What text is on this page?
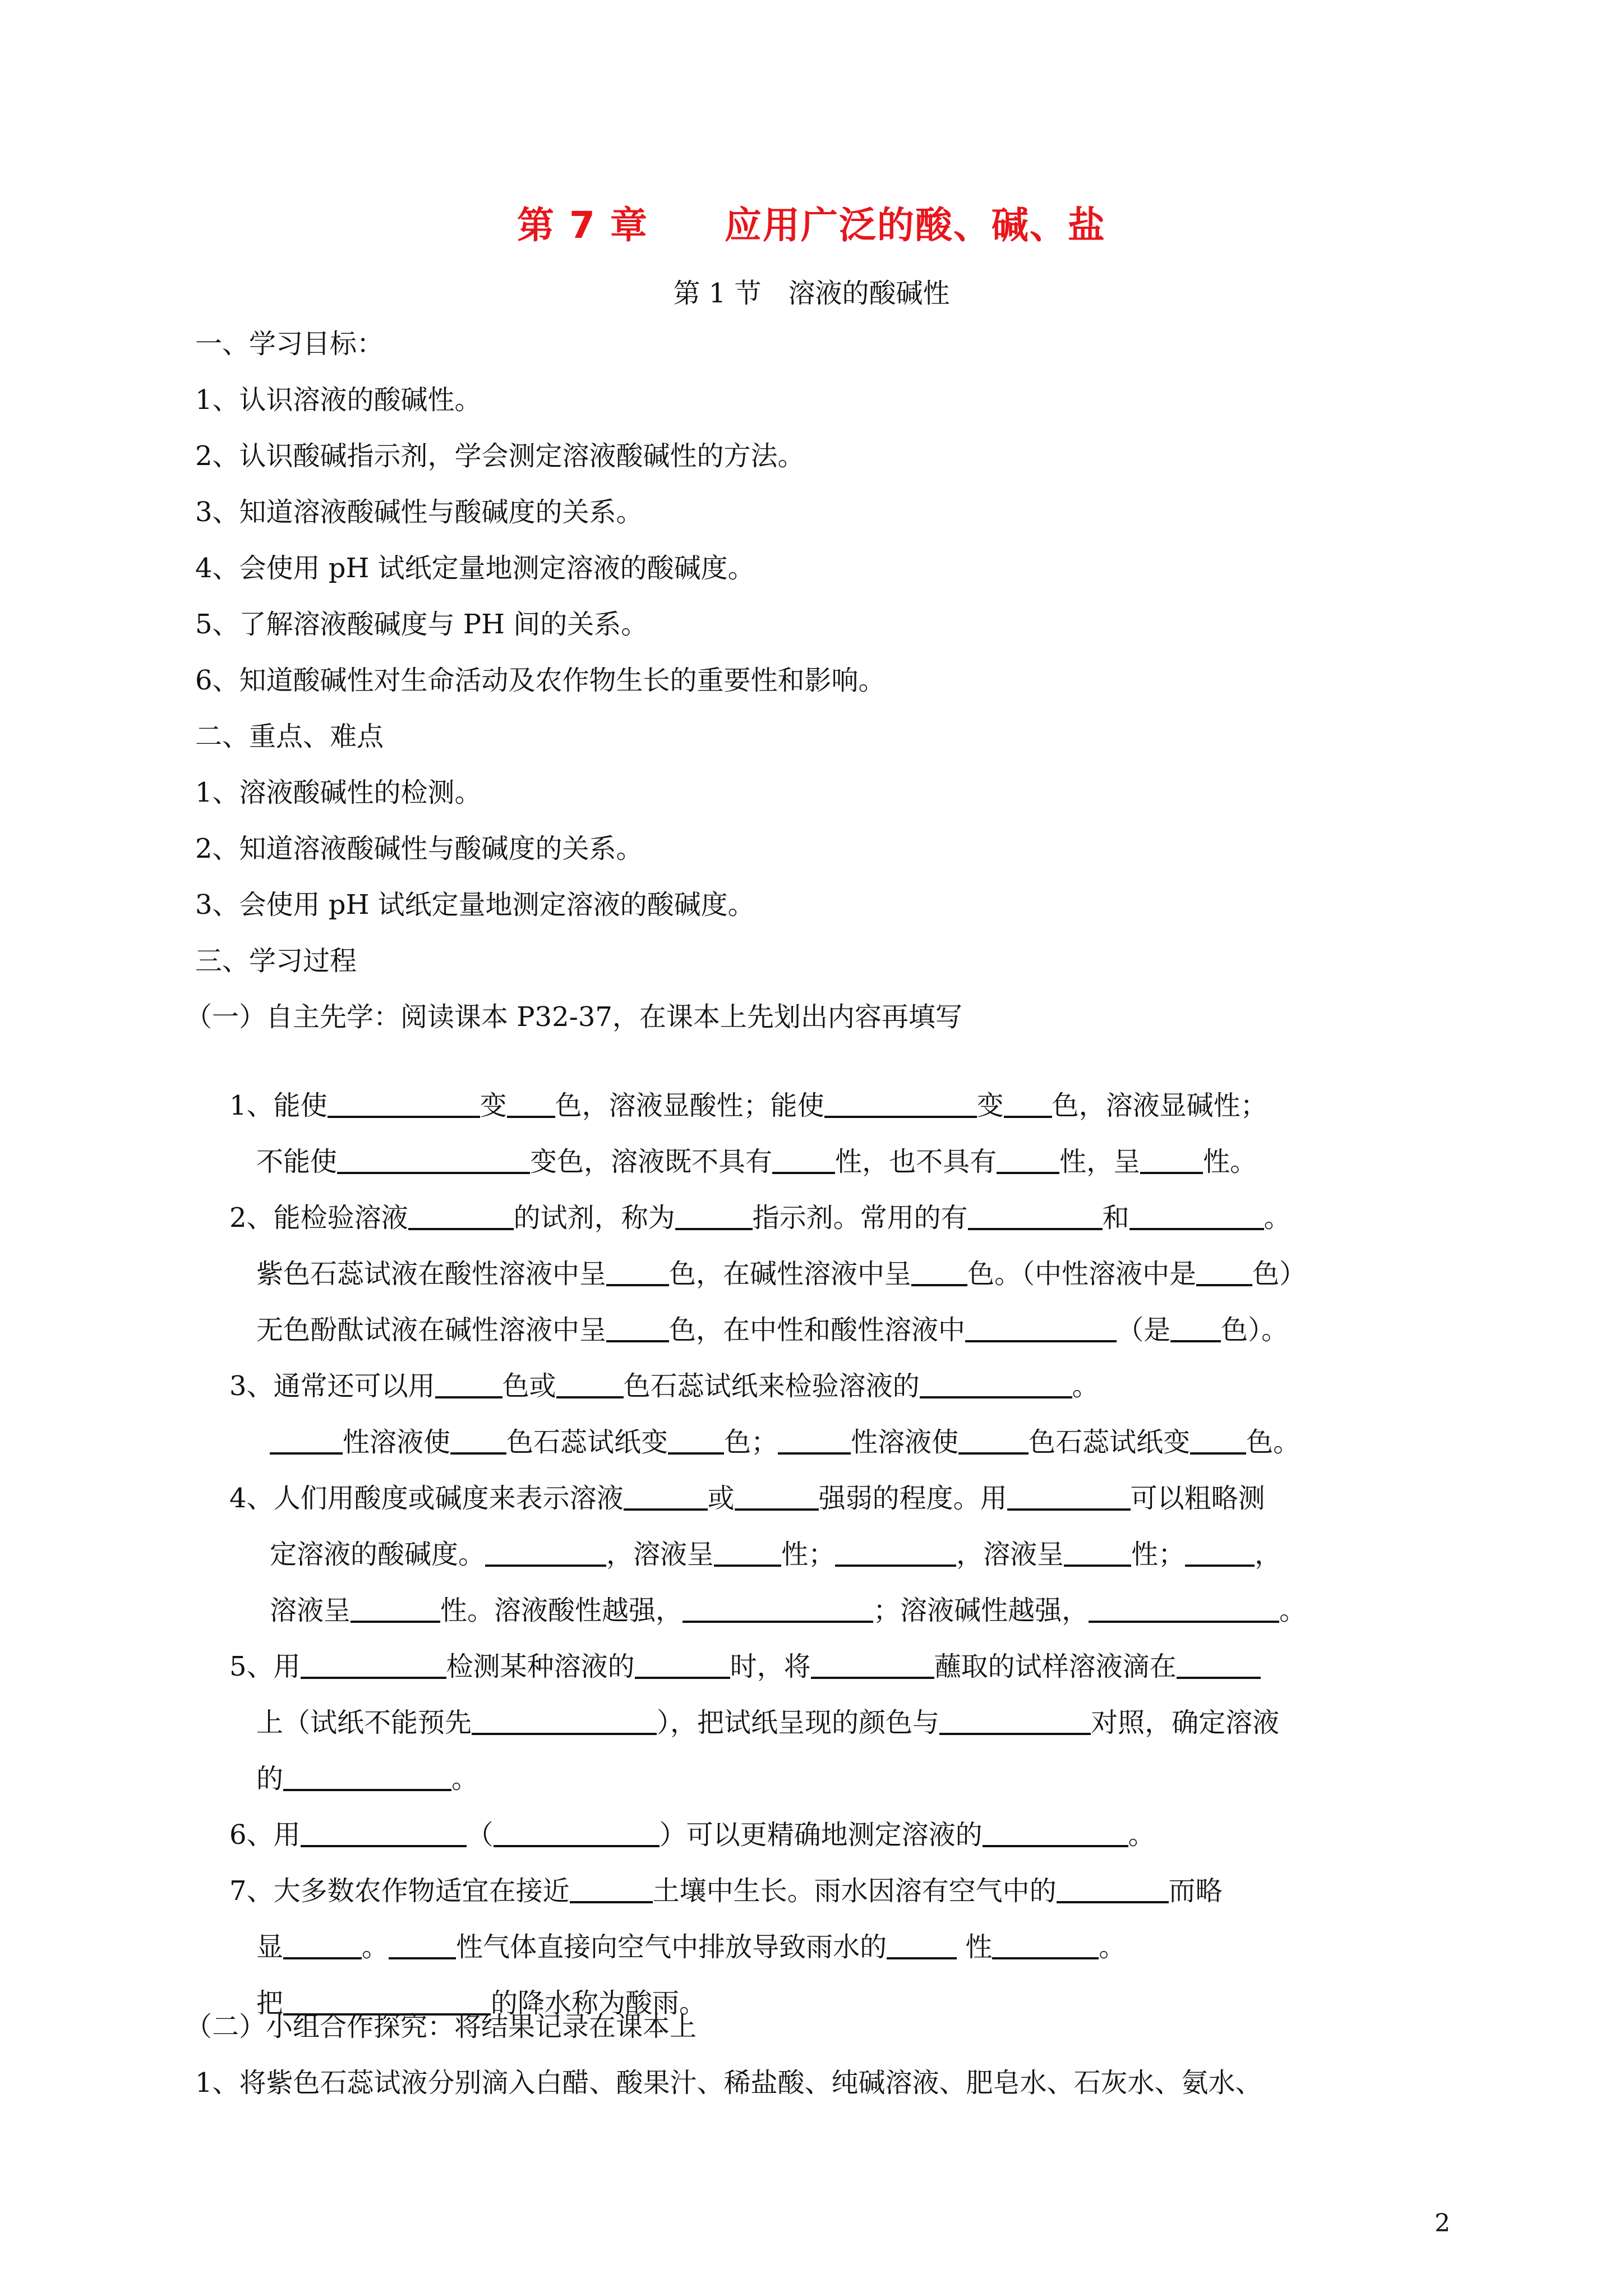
第 7 章　　应用广泛的酸、碱、盐
第 1 节　溶液的酸碱性
一、学习目标：
1、认识溶液的酸碱性。
2、认识酸碱指示剂，学会测定溶液酸碱性的方法。
3、知道溶液酸碱性与酸碱度的关系。
4、会使用 pH 试纸定量地测定溶液的酸碱度。
5、了解溶液酸碱度与 PH 间的关系。
6、知道酸碱性对生命活动及农作物生长的重要性和影响。
二、重点、难点
1、溶液酸碱性的检测。
2、知道溶液酸碱性与酸碱度的关系。
3、会使用 pH 试纸定量地测定溶液的酸碱度。
三、学习过程
（一）自主先学：阅读课本 P32-37，在课本上先划出内容再填写

1、能使	变 色，溶液显酸性；能使	变 色，溶液显碱性；

不能使	变色，溶液既不具有 性，也不具有 性，呈 性。

2、能检验溶液	的试剂，称为	指示剂。常用的有	和	。

紫色石蕊试液在酸性溶液中呈 色，在碱性溶液中呈 色。（中性溶液中是 色）

无色酚酞试液在碱性溶液中呈 色，在中性和酸性溶液中	（是 色）。

3、通常还可以用	色或	色石蕊试纸来检验溶液的	。

性溶液使 色石蕊试纸变 色；	性溶液使	色石蕊试纸变 色。

4、人们用酸度或碱度来表示溶液	或	强弱的程度。用	可以粗略测

定溶液的酸碱度。	，溶液呈	性；	，溶液呈	性；	，

溶液呈	性。溶液酸性越强，	；溶液碱性越强，	。

5、用	检测某种溶液的	时，将	蘸取的试样溶液滴在

上（试纸不能预先	），把试纸呈现的颜色与	对照，确定溶液

的	。

6、用	（	）可以更精确地测定溶液的	。

7、大多数农作物适宜在接近	土壤中生长。雨水因溶有空气中的	而略

显	。	性气体直接向空气中排放导致雨水的	性	。

把	的降水称为酸雨。

（二）小组合作探究：将结果记录在课本上
1、将紫色石蕊试液分别滴入白醋、酸果汁、稀盐酸、纯碱溶液、肥皂水、石灰水、氨水、
2
